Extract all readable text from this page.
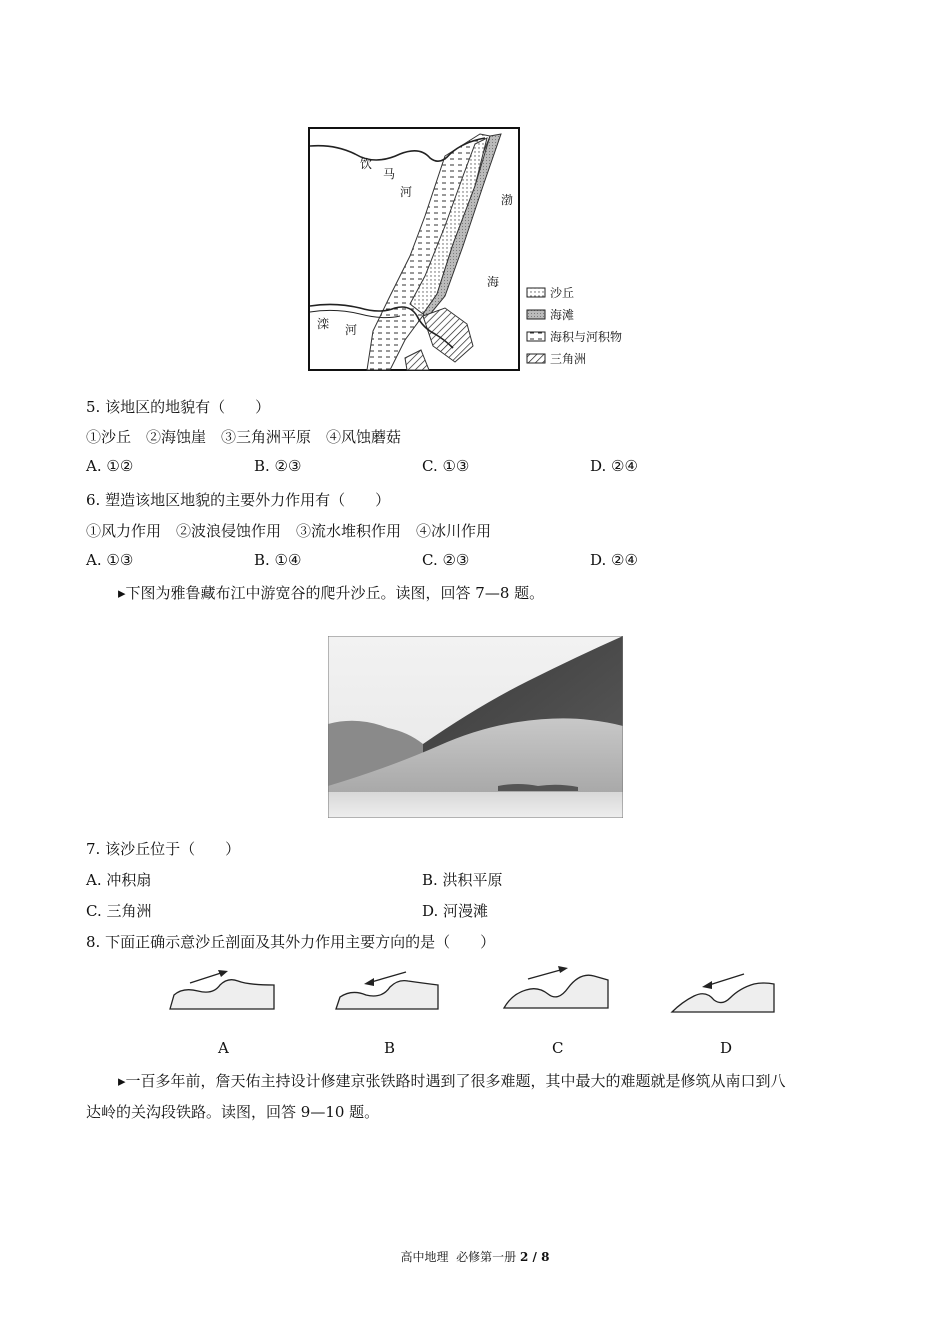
饮
马
河
渤
海
滦 河
沙丘
海滩
海积与河积物
三角洲
5. 该地区的地貌有（　　）
①沙丘　②海蚀崖　③三角洲平原　④风蚀蘑菇
A. ①②	B. ②③	C. ①③	D. ②④
6. 塑造该地区地貌的主要外力作用有（　　）
①风力作用　②波浪侵蚀作用　③流水堆积作用　④冰川作用
A. ①③	B. ①④	C. ②③	D. ②④
▸下图为雅鲁藏布江中游宽谷的爬升沙丘。读图，回答 7—8 题。
7. 该沙丘位于（　　）
A. 冲积扇	B. 洪积平原
C. 三角洲	D. 河漫滩
8. 下面正确示意沙丘剖面及其外力作用主要方向的是（　　）
A	B	C	D
▸一百多年前，詹天佑主持设计修建京张铁路时遇到了很多难题，其中最大的难题就是修筑从南口到八
达岭的关沟段铁路。读图，回答 9—10 题。
高中地理  必修第一册 2 / 8
